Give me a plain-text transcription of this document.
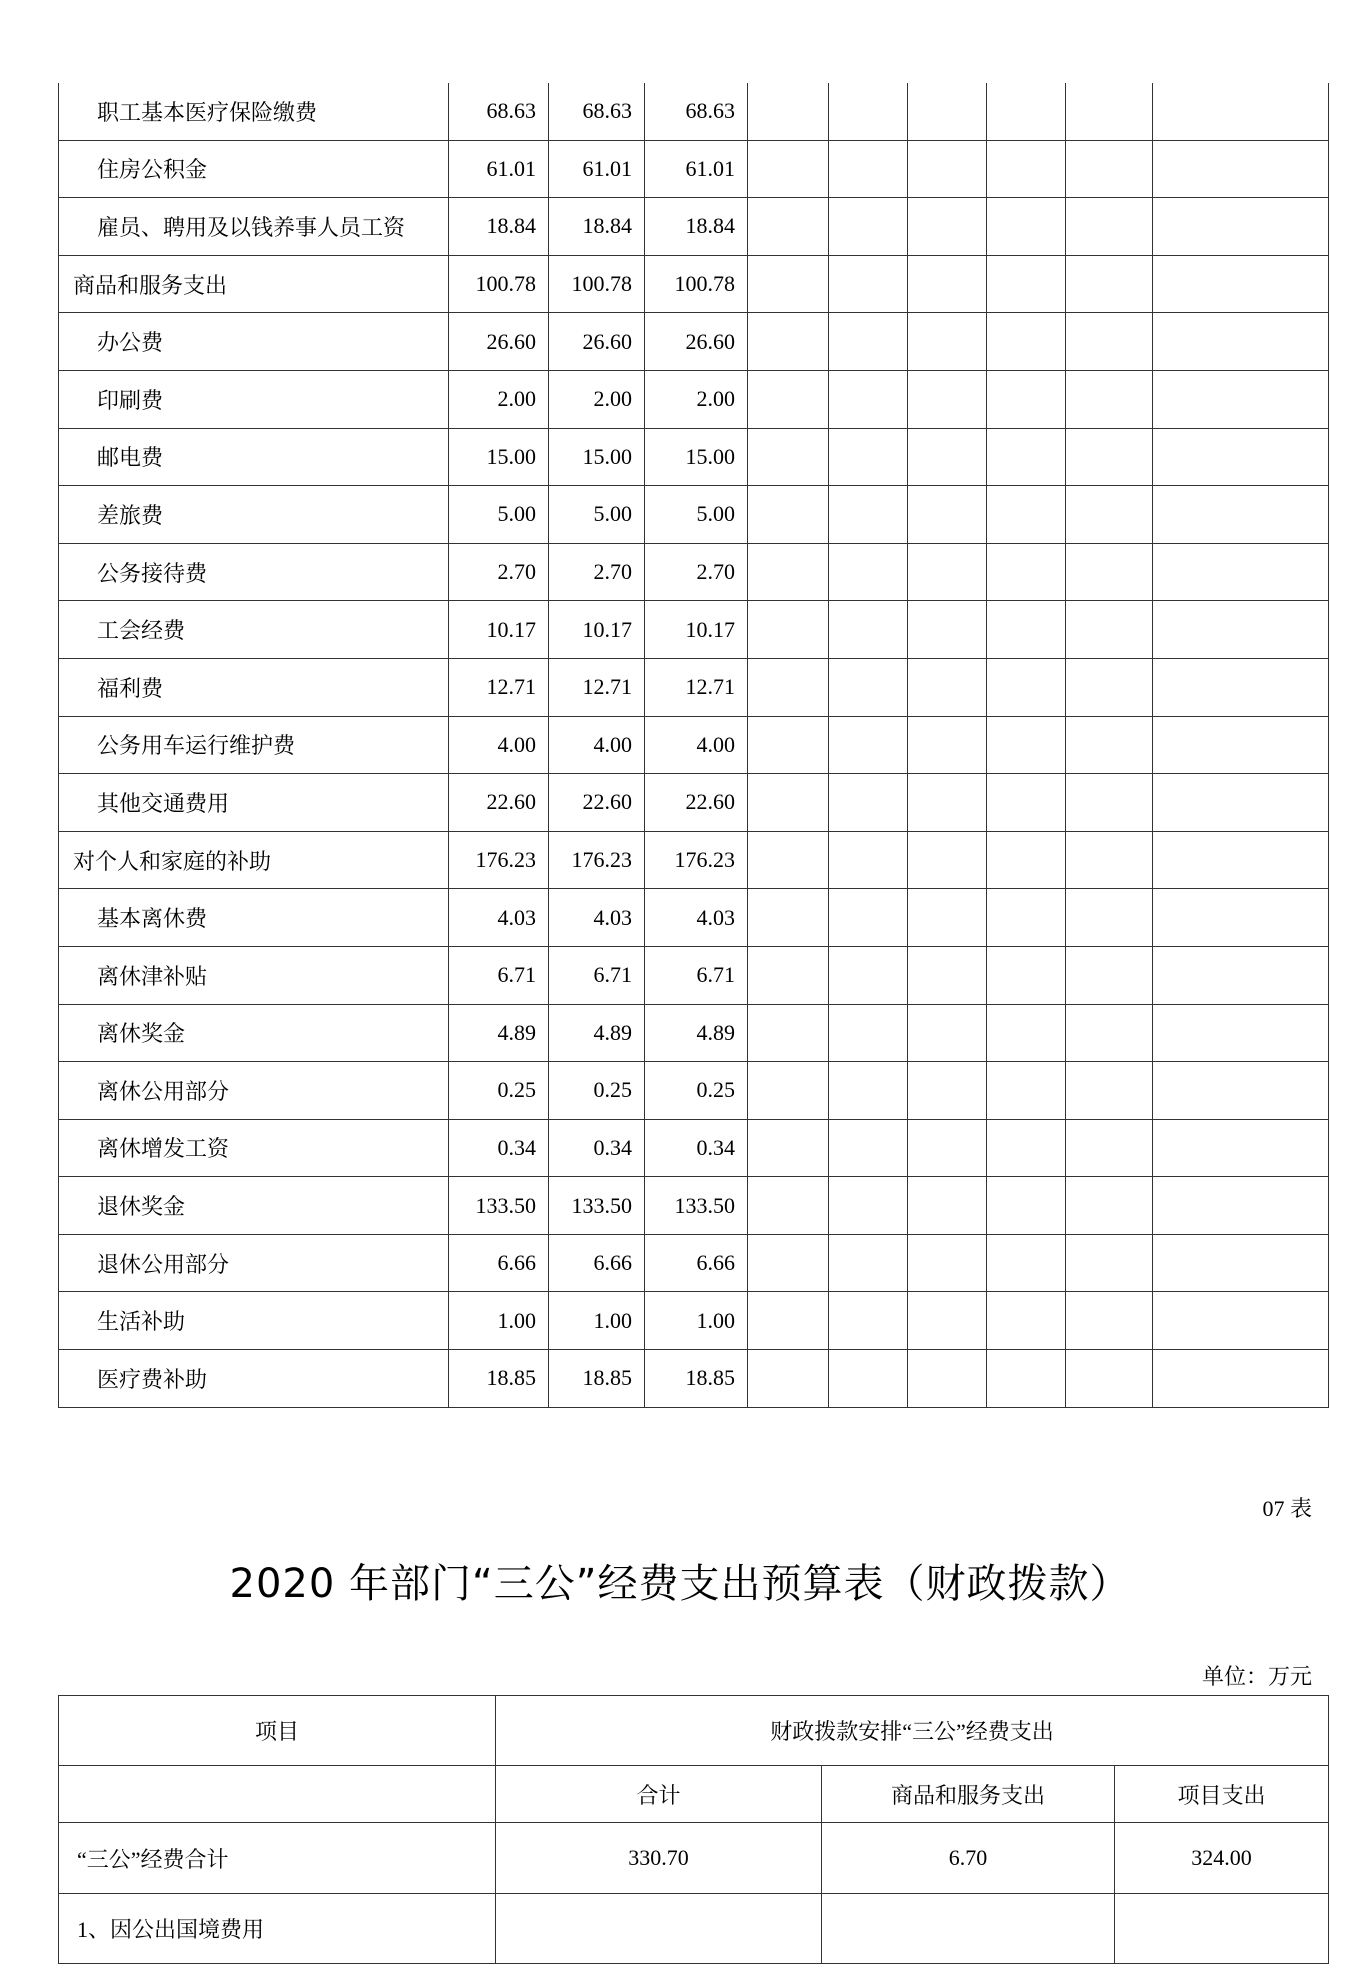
职工基本医疗保险缴费	68.63	68.63	68.63						
住房公积金	61.01	61.01	61.01						
雇员、聘用及以钱养事人员工资	18.84	18.84	18.84						
商品和服务支出	100.78	100.78	100.78						
办公费	26.60	26.60	26.60						
印刷费	2.00	2.00	2.00						
邮电费	15.00	15.00	15.00						
差旅费	5.00	5.00	5.00						
公务接待费	2.70	2.70	2.70						
工会经费	10.17	10.17	10.17						
福利费	12.71	12.71	12.71						
公务用车运行维护费	4.00	4.00	4.00						
其他交通费用	22.60	22.60	22.60						
对个人和家庭的补助	176.23	176.23	176.23						
基本离休费	4.03	4.03	4.03						
离休津补贴	6.71	6.71	6.71						
离休奖金	4.89	4.89	4.89						
离休公用部分	0.25	0.25	0.25						
离休增发工资	0.34	0.34	0.34						
退休奖金	133.50	133.50	133.50						
退休公用部分	6.66	6.66	6.66						
生活补助	1.00	1.00	1.00						
医疗费补助	18.85	18.85	18.85						
07 表
2020 年部门“三公”经费支出预算表（财政拨款）
单位：万元
项目	财政拨款安排“三公”经费支出		
	合计	商品和服务支出	项目支出
“三公”经费合计	330.70	6.70	324.00
1、因公出国境费用			
